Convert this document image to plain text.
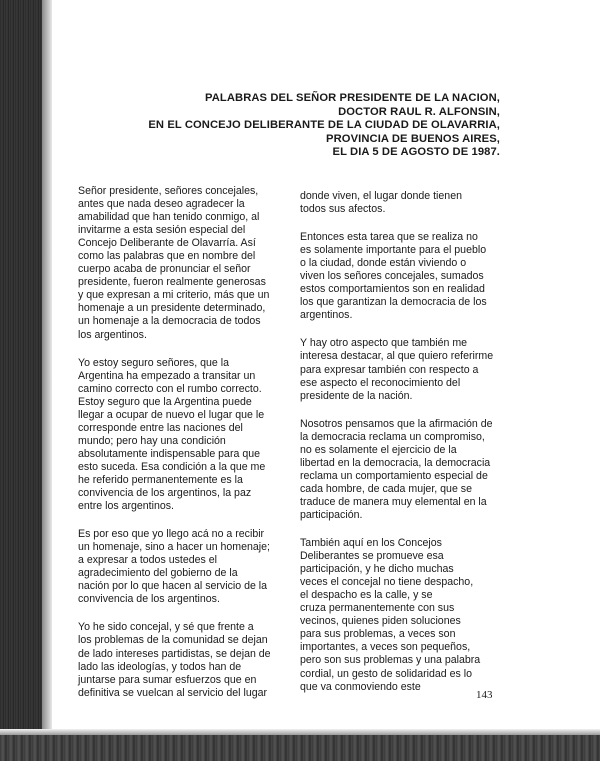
PALABRAS DEL SEÑOR PRESIDENTE DE LA NACION,
DOCTOR RAUL R. ALFONSIN,
EN EL CONCEJO DELIBERANTE DE LA CIUDAD DE OLAVARRIA,
PROVINCIA DE BUENOS AIRES,
EL DIA 5 DE AGOSTO DE 1987.

Señor presidente, señores concejales,
antes que nada deseo agradecer la
amabilidad que han tenido conmigo, al
invitarme a esta sesión especial del
Concejo Deliberante de Olavarría. Así
como las palabras que en nombre del
cuerpo acaba de pronunciar el señor
presidente, fueron realmente generosas
y que expresan a mi criterio, más que un
homenaje a un presidente determinado,
un homenaje a la democracia de todos
los argentinos.

Yo estoy seguro señores, que la
Argentina ha empezado a transitar un
camino correcto con el rumbo correcto.
Estoy seguro que la Argentina puede
llegar a ocupar de nuevo el lugar que le
corresponde entre las naciones del
mundo; pero hay una condición
absolutamente indispensable para que
esto suceda. Esa condición a la que me
he referido permanentemente es la
convivencia de los argentinos, la paz
entre los argentinos.

Es por eso que yo llego acá no a recibir
un homenaje, sino a hacer un homenaje;
a expresar a todos ustedes el
agradecimiento del gobierno de la
nación por lo que hacen al servicio de la
convivencia de los argentinos.

Yo he sido concejal, y sé que frente a
los problemas de la comunidad se dejan
de lado intereses partidistas, se dejan de
lado las ideologías, y todos han de
juntarse para sumar esfuerzos que en
definitiva se vuelcan al servicio del lugar

donde viven, el lugar donde tienen
todos sus afectos.

Entonces esta tarea que se realiza no
es solamente importante para el pueblo
o la ciudad, donde están viviendo o
viven los señores concejales, sumados
estos comportamientos son en realidad
los que garantizan la democracia de los
argentinos.

Y hay otro aspecto que también me
interesa destacar, al que quiero referirme
para expresar también con respecto a
ese aspecto el reconocimiento del
presidente de la nación.

Nosotros pensamos que la afirmación de
la democracia reclama un compromiso,
no es solamente el ejercicio de la
libertad en la democracia, la democracia
reclama un comportamiento especial de
cada hombre, de cada mujer, que se
traduce de manera muy elemental en la
participación.

También aquí en los Concejos
Deliberantes se promueve esa
participación, y he dicho muchas
veces el concejal no tiene despacho,
el despacho es la calle, y se
cruza permanentemente con sus
vecinos, quienes piden soluciones
para sus problemas, a veces son
importantes, a veces son pequeños,
pero son sus problemas y una palabra
cordial, un gesto de solidaridad es lo
que va conmoviendo este

143
